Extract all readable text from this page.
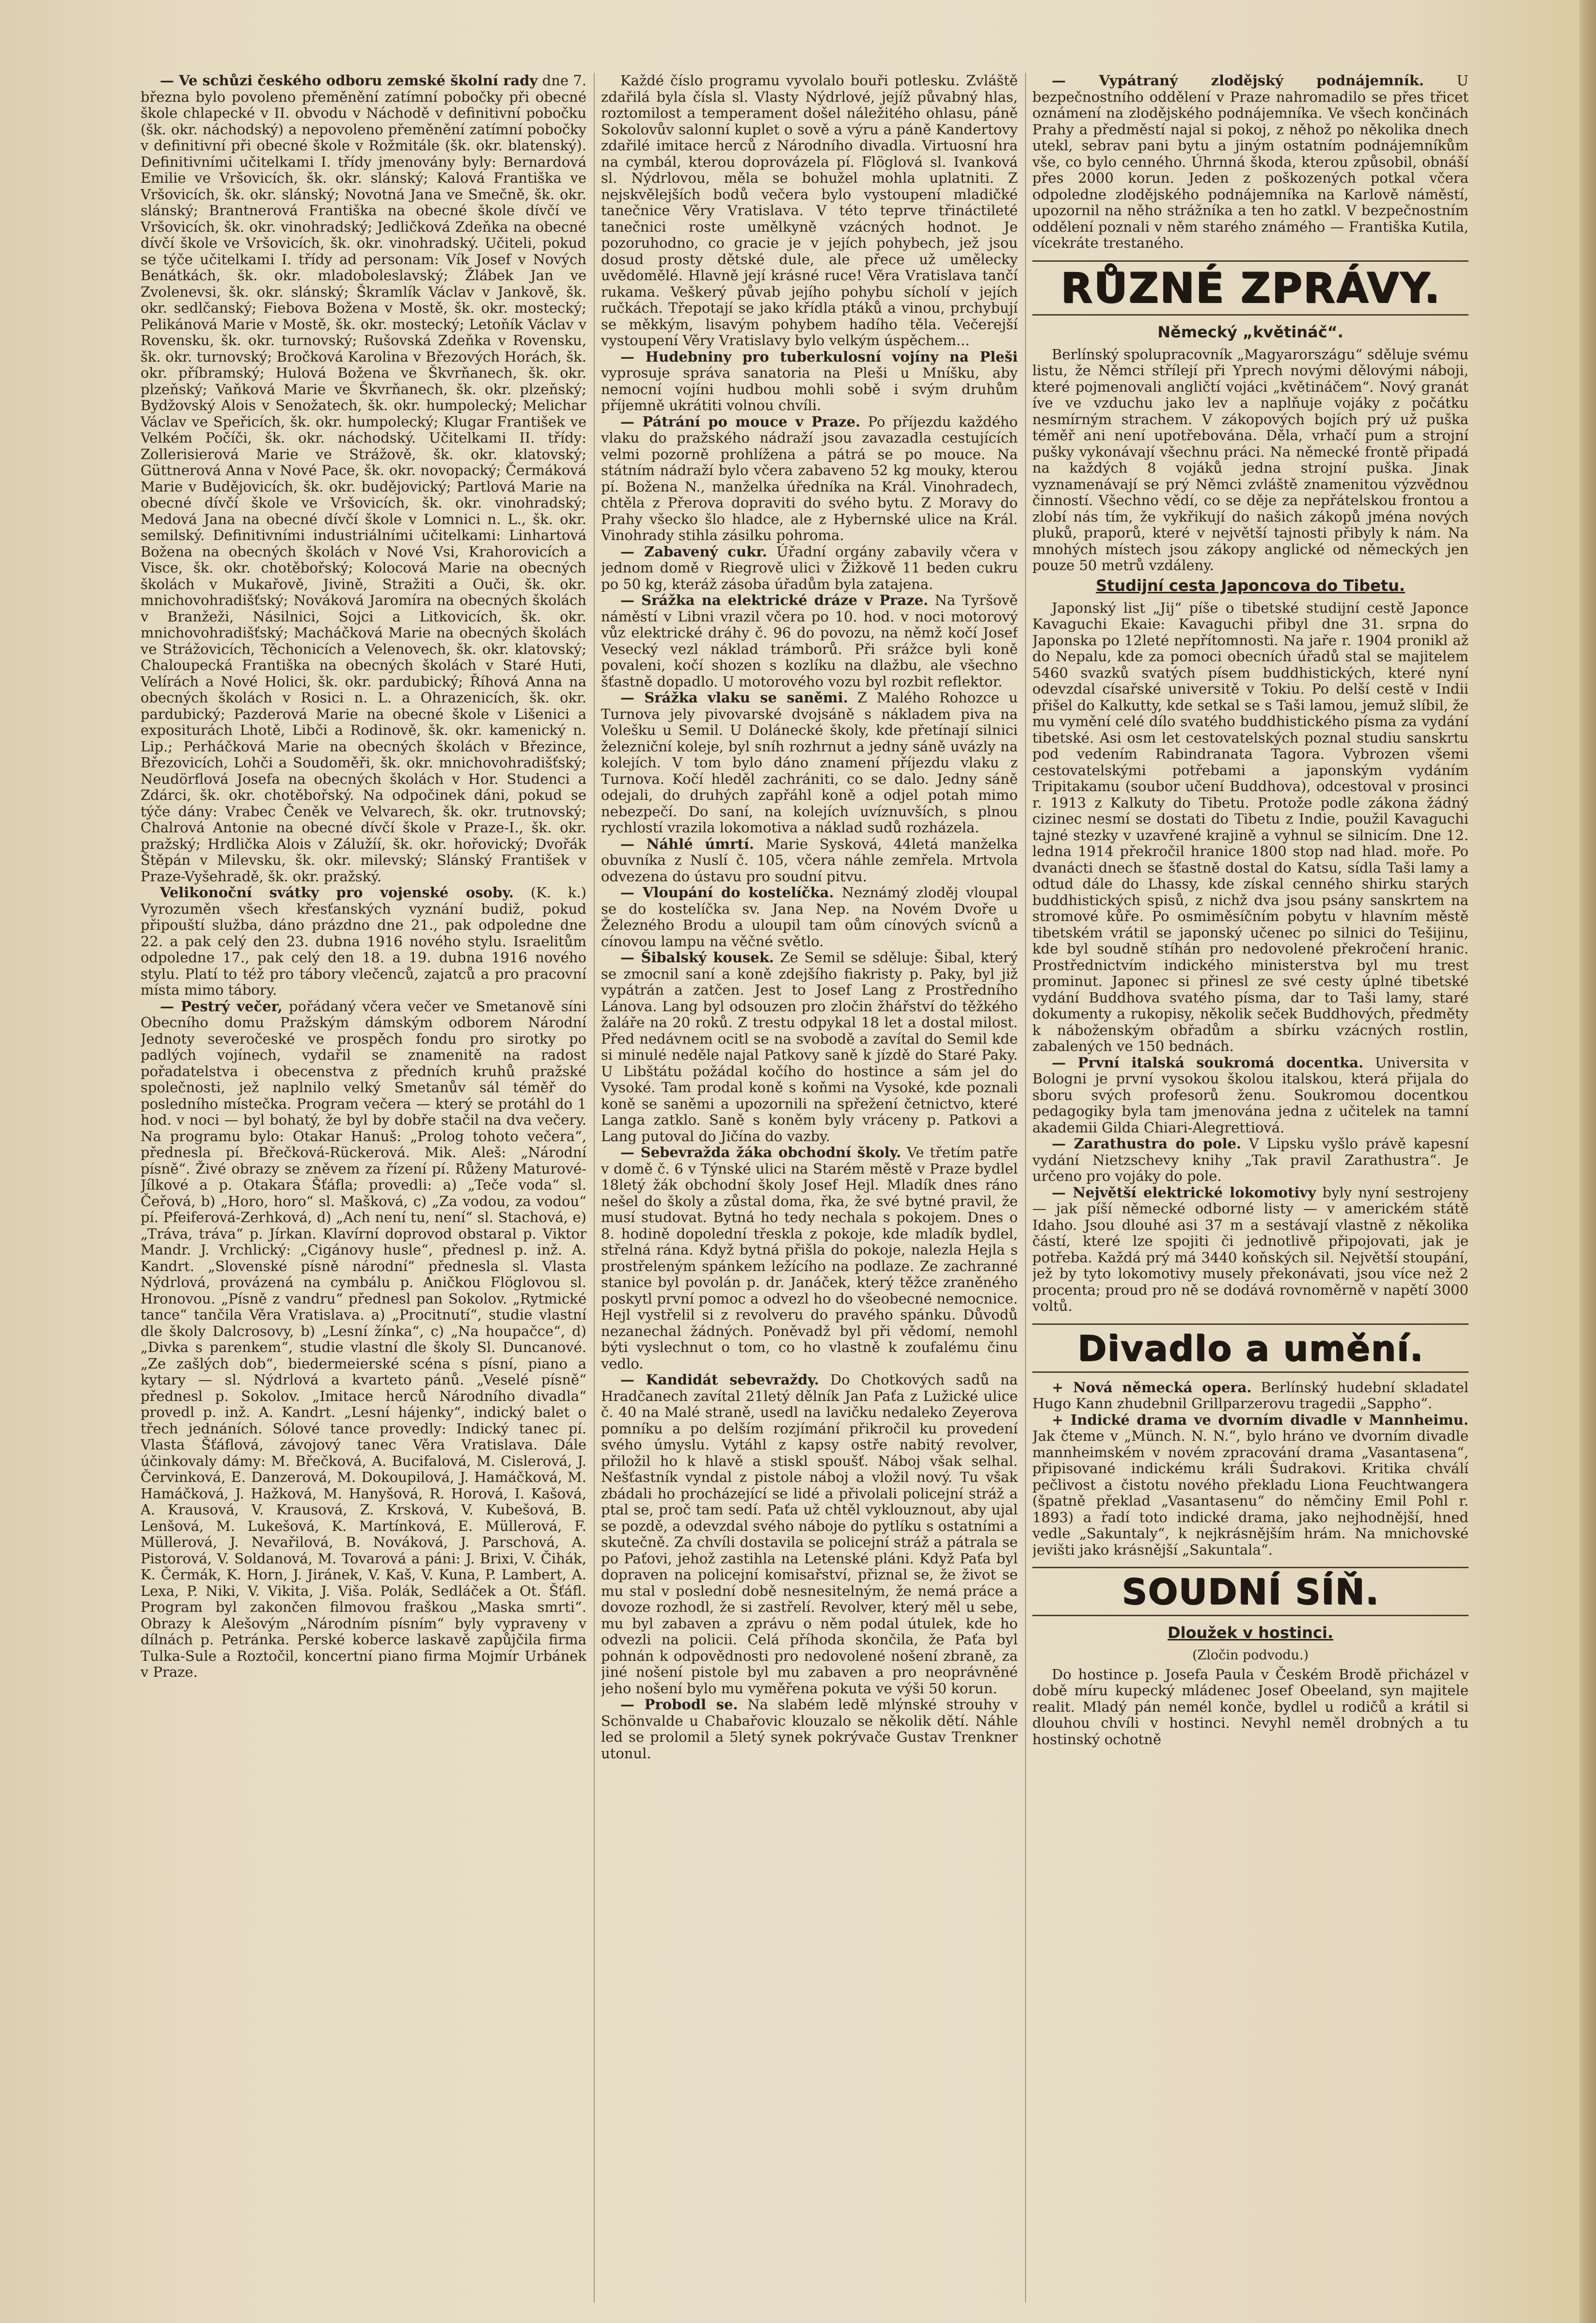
— Ve schůzi českého odboru zemské školní rady dne 7. března bylo povoleno přeměnění zatímní pobočky při obecné škole chlapecké v II. obvodu v Náchodě v definitivní pobočku (šk. okr. náchodský) a nepovoleno přeměnění zatímní pobočky v definitivní při obecné škole v Rožmitále (šk. okr. blatenský). Definitivními učitelkami I. třídy jmenovány byly: Bernardová Emilie ve Vršovicích, šk. okr. slánský; Kalová Františka ve Vršovicích, šk. okr. slánský; Novotná Jana ve Smečně, šk. okr. slánský; Brantnerová Františka na obecné škole dívčí ve Vršovicích, šk. okr. vinohradský; Jedličková Zdeňka na obecné dívčí škole ve Vršovicích, šk. okr. vinohradský. Učiteli, pokud se týče učitelkami I. třídy ad personam: Vík Josef v Nových Benátkách, šk. okr. mladoboleslavský; Žlábek Jan ve Zvolenevsi, šk. okr. slánský; Škramlík Václav v Jankově, šk. okr. sedlčanský; Fiebova Božena v Mostě, šk. okr. mostecký; Pelikánová Marie v Mostě, šk. okr. mostecký; Letoňík Václav v Rovensku, šk. okr. turnovský; Rušovská Zdeňka v Rovensku, šk. okr. turnovský; Bročková Karolina v Březových Horách, šk. okr. příbramský; Hulová Božena ve Škvrňanech, šk. okr. plzeňský; Vaňková Marie ve Škvrňanech, šk. okr. plzeňský; Bydžovský Alois v Senožatech, šk. okr. humpolecký; Melichar Václav ve Speřicích, šk. okr. humpolecký; Klugar František ve Velkém Počíči, šk. okr. náchodský. Učitelkami II. třídy: Zollerisierová Marie ve Strážově, šk. okr. klatovský; Güttnerová Anna v Nové Pace, šk. okr. novopacký; Čermáková Marie v Budějovicích, šk. okr. budějovický; Partlová Marie na obecné dívčí škole ve Vršovicích, šk. okr. vinohradský; Medová Jana na obecné dívčí škole v Lomnici n. L., šk. okr. semilský. Definitivními industriálními učitelkami: Linhartová Božena na obecných školách v Nové Vsi, Krahorovicích a Visce, šk. okr. chotěbořský; Kolocová Marie na obecných školách v Mukařově, Jivině, Stražiti a Ouči, šk. okr. mnichovohradišťský; Nováková Jaromíra na obecných školách v Branžeži, Násilnici, Sojci a Litkovicích, šk. okr. mnichovohradišťský; Macháčková Marie na obecných školách ve Strážovicích, Těchonicích a Velenovech, šk. okr. klatovský; Chaloupecká Františka na obecných školách v Staré Huti, Velírách a Nové Holici, šk. okr. pardubický; Říhová Anna na obecných školách v Rosici n. L. a Ohrazenicích, šk. okr. pardubický; Pazderová Marie na obecné škole v Lišenici a expositurách Lhotě, Libči a Rodinově, šk. okr. kamenický n. Lip.; Perháčková Marie na obecných školách v Březince, Březovicích, Lohči a Soudoměři, šk. okr. mnichovohradišťský; Neudörflová Josefa na obecných školách v Hor. Studenci a Zdárci, šk. okr. chotěbořský. Na odpočinek dáni, pokud se týče dány: Vrabec Čeněk ve Velvarech, šk. okr. trutnovský; Chalrová Antonie na obecné dívčí škole v Praze-I., šk. okr. pražský; Hrdlička Alois v Zálužíí, šk. okr. hořovický; Dvořák Štěpán v Milevsku, šk. okr. milevský; Slánský František v Praze-Vyšehradě, šk. okr. pražský.

Velikonoční svátky pro vojenské osoby. (K. k.) Vyrozuměn všech křesťanských vyznání budiž, pokud připouští služba, dáno prázdno dne 21., pak odpoledne dne 22. a pak celý den 23. dubna 1916 nového stylu. Israelitům odpoledne 17., pak celý den 18. a 19. dubna 1916 nového stylu. Platí to též pro tábory vlečenců, zajatců a pro pracovní místa mimo tábory.

— Pestrý večer, pořádaný včera večer ve Smetanově síni Obecního domu Pražským dámským odborem Národní Jednoty severočeské ve prospěch fondu pro sirotky po padlých vojínech, vydařil se znamenitě na radost pořadatelstva i obecenstva z předních kruhů pražské společnosti, jež naplnilo velký Smetanův sál téměř do posledního místečka. Program večera — který se protáhl do 1 hod. v noci — byl bohatý, že byl by dobře stačil na dva večery. Na programu bylo: Otakar Hanuš: „Prolog tohoto večera“, přednesla pí. Břečková-Rückerová. Mik. Aleš: „Národní písně“. Živé obrazy se zněvem za řízení pí. Růženy Maturové-Jílkové a p. Otakara Šťáfla; provedli: a) „Teče voda“ sl. Čeřová, b) „Horo, horo“ sl. Mašková, c) „Za vodou, za vodou“ pí. Pfeiferová-Zerhková, d) „Ach není tu, není“ sl. Stachová, e) „Tráva, tráva“ p. Jírkan. Klavírní doprovod obstaral p. Viktor Mandr. J. Vrchlický: „Cigánovy husle“, přednesl p. inž. A. Kandrt. „Slovenské písně národní“ přednesla sl. Vlasta Nýdrlová, provázená na cymbálu p. Aničkou Flöglovou sl. Hronovou. „Písně z vandru“ přednesl pan Sokolov. „Rytmické tance“ tančila Věra Vratislava. a) „Procitnutí“, studie vlastní dle školy Dalcrosovy, b) „Lesní žínka“, c) „Na houpačce“, d) „Divka s parenkem“, studie vlastní dle školy Sl. Duncanové. „Ze zašlých dob“, biedermeierské scéna s písní, piano a kytary — sl. Nýdrlová a kvarteto pánů. „Veselé písně“ přednesl p. Sokolov. „Imitace herců Národního divadla“ provedl p. inž. A. Kandrt. „Lesní hájenky“, indický balet o třech jednáních. Sólové tance provedly: Indický tanec pí. Vlasta Šťáflová, závojový tanec Věra Vratislava. Dále účinkovaly dámy: M. Břečková, A. Bucifalová, M. Cislerová, J. Červinková, E. Danzerová, M. Dokoupilová, J. Hamáčková, M. Hamáčková, J. Hažková, M. Hanyšová, R. Horová, I. Kašová, A. Krausová, V. Krausová, Z. Krsková, V. Kubešová, B. Lenšová, M. Lukešová, K. Martínková, E. Müllerová, F. Müllerová, J. Nevařilová, B. Nováková, J. Parschová, A. Pistorová, V. Soldanová, M. Tovarová a páni: J. Brixi, V. Čihák, K. Čermák, K. Horn, J. Jiránek, V. Kaš, V. Kuna, P. Lambert, A. Lexa, P. Niki, V. Vikita, J. Viša. Polák, Sedláček a Ot. Šťáfl. Program byl zakončen filmovou fraškou „Maska smrti“. Obrazy k Alešovým „Národním písním“ byly vypraveny v dílnách p. Petránka. Perské koberce laskavě zapůjčila firma Tulka-Sule a Roztočil, koncertní piano firma Mojmír Urbánek v Praze.

Každé číslo programu vyvolalo bouři potlesku. Zvláště zdařilá byla čísla sl. Vlasty Nýdrlové, jejíž půvabný hlas, roztomilost a temperament došel náležitého ohlasu, páně Sokolovův salonní kuplet o sově a výru a páně Kandertovy zdařilé imitace herců z Národního divadla. Virtuosní hra na cymbál, kterou doprovázela pí. Flöglová sl. Ivanková sl. Nýdrlovou, měla se bohužel mohla uplatniti. Z nejskvělejších bodů večera bylo vystoupení mladičké tanečnice Věry Vratislava. V této teprve třináctileté tanečnici roste umělkyně vzácných hodnot. Je pozoruhodno, co gracie je v jejích pohybech, jež jsou dosud prosty dětské dule, ale přece už umělecky uvědomělé. Hlavně její krásné ruce! Věra Vratislava tančí rukama. Veškerý půvab jejího pohybu sícholí v jejích ručkách. Třepotají se jako křídla ptáků a vinou, prchybují se měkkým, lisavým pohybem hadího těla. Večerejší vystoupení Věry Vratislavy bylo velkým úspěchem...

— Hudebniny pro tuberkulosní vojíny na Pleši vyprosuje správa sanatoria na Pleši u Mníšku, aby nemocní vojíni hudbou mohli sobě i svým druhům příjemně ukrátiti volnou chvíli.

— Pátrání po mouce v Praze. Po příjezdu každého vlaku do pražského nádraží jsou zavazadla cestujících velmi pozorně prohlížena a pátrá se po mouce. Na státním nádraží bylo včera zabaveno 52 kg mouky, kterou pí. Božena N., manželka úředníka na Král. Vinohradech, chtěla z Přerova dopraviti do svého bytu. Z Moravy do Prahy všecko šlo hladce, ale z Hybernské ulice na Král. Vinohrady stihla zásilku pohroma.

— Zabavený cukr. Úřadní orgány zabavily včera v jednom domě v Riegrově ulici v Žižkově 11 beden cukru po 50 kg, kteráž zásoba úřadům byla zatajena.

— Srážka na elektrické dráze v Praze. Na Tyršově náměstí v Libni vrazil včera po 10. hod. v noci motorový vůz elektrické dráhy č. 96 do povozu, na němž kočí Josef Vesecký vezl náklad trámborů. Při srážce byli koně povaleni, kočí shozen s kozlíku na dlažbu, ale všechno šťastně dopadlo. U motorového vozu byl rozbit reflektor.

— Srážka vlaku se saněmi. Z Malého Rohozce u Turnova jely pivovarské dvojsáně s nákladem piva na Volešku u Semil. U Dolánecké školy, kde přetínají silnici železniční koleje, byl sníh rozhrnut a jedny sáně uvázly na kolejích. V tom bylo dáno znamení příjezdu vlaku z Turnova. Kočí hleděl zachrániti, co se dalo. Jedny sáně odejali, do druhých zapřáhl koně a odjel potah mimo nebezpečí. Do saní, na kolejích uvíznuvších, s plnou rychlostí vrazila lokomotiva a náklad sudů rozházela.

— Náhlé úmrtí. Marie Sysková, 44letá manželka obuvníka z Nuslí č. 105, včera náhle zemřela. Mrtvola odvezena do ústavu pro soudní pitvu.

— Vloupání do kostelíčka. Neznámý zloděj vloupal se do kostelíčka sv. Jana Nep. na Novém Dvoře u Železného Brodu a uloupil tam oům cínových svícnů a cínovou lampu na věčné světlo.

— Šibalský kousek. Ze Semil se sděluje: Šibal, který se zmocnil saní a koně zdejšího fiakristy p. Paky, byl již vypátrán a zatčen. Jest to Josef Lang z Prostředního Lánova. Lang byl odsouzen pro zločin žhářství do těžkého žaláře na 20 roků. Z trestu odpykal 18 let a dostal milost. Před nedávnem ocitl se na svobodě a zavítal do Semil kde si minulé neděle najal Patkovy saně k jízdě do Staré Paky. U Libštátu požádal kočího do hostince a sám jel do Vysoké. Tam prodal koně s koňmi na Vysoké, kde poznali koně se saněmi a upozornili na spřežení četnictvo, které Langa zatklo. Saně s koněm byly vráceny p. Patkovi a Lang putoval do Jičína do vazby.

— Sebevražda žáka obchodní školy. Ve třetím patře v domě č. 6 v Týnské ulici na Starém městě v Praze bydlel 18letý žák obchodní školy Josef Hejl. Mladík dnes ráno nešel do školy a zůstal doma, řka, že své bytné pravil, že musí studovat. Bytná ho tedy nechala s pokojem. Dnes o 8. hodině dopolední třeskla z pokoje, kde mladík bydlel, střelná rána. Když bytná přišla do pokoje, nalezla Hejla s prostřeleným spánkem ležícího na podlaze. Ze zachranné stanice byl povolán p. dr. Janáček, který těžce zraněného poskytl první pomoc a odvezl ho do všeobecné nemocnice. Hejl vystřelil si z revolveru do pravého spánku. Důvodů nezanechal žádných. Poněvadž byl při vědomí, nemohl býti vyslechnut o tom, co ho vlastně k zoufalému činu vedlo.

— Kandidát sebevraždy. Do Chotkových sadů na Hradčanech zavítal 21letý dělník Jan Paťa z Lužické ulice č. 40 na Malé straně, usedl na lavičku nedaleko Zeyerova pomníku a po delším rozjímání přikročil ku provedení svého úmyslu. Vytáhl z kapsy ostře nabitý revolver, přiložil ho k hlavě a stiskl spoušť. Náboj však selhal. Nešťastník vyndal z pistole náboj a vložil nový. Tu však zbádali ho procházející se lidé a přivolali policejní stráž a ptal se, proč tam sedí. Paťa už chtěl vyklouznout, aby ujal se pozdě, a odevzdal svého náboje do pytlíku s ostatními a skutečně. Za chvíli dostavila se policejní stráž a pátrala se po Paťovi, jehož zastihla na Letenské pláni. Když Paťa byl dopraven na policejní komisařství, přiznal se, že život se mu stal v poslední době nesnesitelným, že nemá práce a dovoze rozhodl, že si zastřelí. Revolver, který měl u sebe, mu byl zabaven a zprávu o něm podal útulek, kde ho odvezli na policii. Celá příhoda skončila, že Paťa byl pohnán k odpovědnosti pro nedovolené nošení zbraně, za jiné nošení pistole byl mu zabaven a pro neoprávněné jeho nošení bylo mu vyměřena pokuta ve výši 50 korun.

— Probodl se. Na slabém ledě mlýnské strouhy v Schönvalde u Chabařovic klouzalo se několik dětí. Náhle led se prolomil a 5letý synek pokrývače Gustav Trenkner utonul.

— Vypátraný zlodějský podnájemník. U bezpečnostního oddělení v Praze nahromadilo se přes třicet oznámení na zlodějského podnájemníka. Ve všech končinách Prahy a předměstí najal si pokoj, z něhož po několika dnech utekl, sebrav pani bytu a jiným ostatním podnájemníkům vše, co bylo cenného. Úhrnná škoda, kterou způsobil, obnáší přes 2000 korun. Jeden z poškozených potkal včera odpoledne zlodějského podnájemníka na Karlově náměstí, upozornil na něho strážníka a ten ho zatkl. V bezpečnostním oddělení poznali v něm starého známého — Františka Kutila, vícekráte trestaného.

RŮZNÉ ZPRÁVY.
Německý „květináč“.

Berlínský spolupracovník „Magyarországu“ sděluje svému listu, že Němci střílejí při Yprech novými dělovými náboji, které pojmenovali angličtí vojáci „květináčem“. Nový granát íve ve vzduchu jako lev a naplňuje vojáky z počátku nesmírným strachem. V zákopových bojích prý už puška téměř ani není upotřebována. Děla, vrhačí pum a strojní pušky vykonávají všechnu práci. Na německé frontě připadá na každých 8 vojáků jedna strojní puška. Jinak vyznamenávají se prý Němci zvláště znamenitou výzvědnou činností. Všechno vědí, co se děje za nepřátelskou frontou a zlobí nás tím, že vykřikují do našich zákopů jména nových pluků, praporů, které v největší tajnosti přibyly k nám. Na mnohých místech jsou zákopy anglické od německých jen pouze 50 metrů vzdáleny.

Studijní cesta Japoncova do Tibetu.

Japonský list „Jij“ píše o tibetské studijní cestě Japonce Kavaguchi Ekaie: Kavaguchi přibyl dne 31. srpna do Japonska po 12leté nepřítomnosti. Na jaře r. 1904 pronikl až do Nepalu, kde za pomoci obecních úřadů stal se majitelem 5460 svazků svatých písem buddhistických, které nyní odevzdal císařské universitě v Tokiu. Po delší cestě v Indii přišel do Kalkutty, kde setkal se s Taši lamou, jemuž slíbil, že mu vymění celé dílo svatého buddhistického písma za vydání tibetské. Asi osm let cestovatelských poznal studiu sanskrtu pod vedením Rabindranata Tagora. Vybrozen všemi cestovatelskými potřebami a japonským vydáním Tripitakamu (soubor učení Buddhova), odcestoval v prosinci r. 1913 z Kalkuty do Tibetu. Protože podle zákona žádný cizinec nesmí se dostati do Tibetu z Indie, použil Kavaguchi tajné stezky v uzavřené krajině a vyhnul se silnicím. Dne 12. ledna 1914 překročil hranice 1800 stop nad hlad. moře. Po dvanácti dnech se šťastně dostal do Katsu, sídla Taši lamy a odtud dále do Lhassy, kde získal cenného shirku starých buddhistických spisů, z nichž dva jsou psány sanskrtem na stromové kůře. Po osmiměsíčním pobytu v hlavním městě tibetském vrátil se japonský učenec po silnici do Tešijinu, kde byl soudně stíhán pro nedovolené překročení hranic. Prostřednictvím indického ministerstva byl mu trest prominut. Japonec si přinesl ze své cesty úplné tibetské vydání Buddhova svatého písma, dar to Taši lamy, staré dokumenty a rukopisy, několik seček Buddhových, předměty k náboženským obřadům a sbírku vzácných rostlin, zabalených ve 150 bednách.

— První italská soukromá docentka. Universita v Bologni je první vysokou školou italskou, která přijala do sboru svých profesorů ženu. Soukromou docentkou pedagogiky byla tam jmenována jedna z učitelek na tamní akademii Gilda Chiari-Alegrettiová.

— Zarathustra do pole. V Lipsku vyšlo právě kapesní vydání Nietzschevy knihy „Tak pravil Zarathustra“. Je určeno pro vojáky do pole.

— Největší elektrické lokomotivy byly nyní sestrojeny — jak píší německé odborné listy — v americkém státě Idaho. Jsou dlouhé asi 37 m a sestávají vlastně z několika částí, které lze spojiti či jednotlivě připojovati, jak je potřeba. Každá prý má 3440 koňských sil. Největší stoupání, jež by tyto lokomotivy musely překonávati, jsou více než 2 procenta; proud pro ně se dodává rovnoměrně v napětí 3000 voltů.

Divadlo a umění.

+ Nová německá opera. Berlínský hudební skladatel Hugo Kann zhudebnil Grillparzerovu tragedii „Sappho“.

+ Indické drama ve dvorním divadle v Mannheimu. Jak čteme v „Münch. N. N.“, bylo hráno ve dvorním divadle mannheimském v novém zpracování drama „Vasantasena“, připisované indickému králi Šudrakovi. Kritika chválí pečlivost a čistotu nového překladu Liona Feuchtwangera (špatně překlad „Vasantasenu“ do němčiny Emil Pohl r. 1893) a řadí toto indické drama, jako nejhodnější, hned vedle „Sakuntaly“, k nejkrásnějším hrám. Na mnichovské jevišti jako krásnější „Sakuntala“.

SOUDNÍ SÍŇ.
Dloužek v hostinci.
(Zločin podvodu.)

Do hostince p. Josefa Paula v Českém Brodě přicházel v době míru kupecký mládenec Josef Obeeland, syn majitele realit. Mladý pán nemél konče, bydlel u rodičů a krátil si dlouhou chvíli v hostinci. Nevyhl neměl drobných a tu hostinský ochotně
